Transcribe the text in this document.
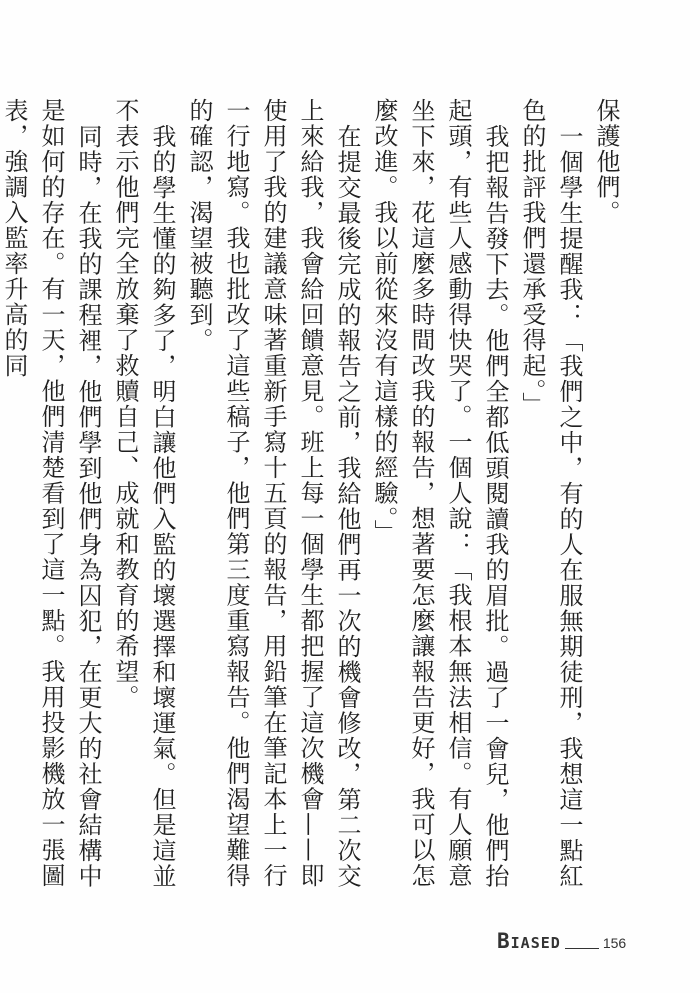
保護他們。

一個學生提醒我：「我們之中，有的人在服無期徒刑，我想這一點紅色的批評我們還承受得起。」

我把報告發下去。他們全都低頭閱讀我的眉批。過了一會兒，他們抬起頭，有些人感動得快哭了。一個人說：「我根本無法相信。有人願意坐下來，花這麼多時間改我的報告，想著要怎麼讓報告更好，我可以怎麼改進。我以前從來沒有這樣的經驗。」

在提交最後完成的報告之前，我給他們再一次的機會修改，第二次交上來給我，我會給回饋意見。班上每一個學生都把握了這次機會——即使用了我的建議意味著重新手寫十五頁的報告，用鉛筆在筆記本上一行一行地寫。我也批改了這些稿子，他們第三度重寫報告。他們渴望難得的確認，渴望被聽到。

我的學生懂的夠多了，明白讓他們入監的壞選擇和壞運氣。但是這並不表示他們完全放棄了救贖自己、成就和教育的希望。

同時，在我的課程裡，他們學到他們身為囚犯，在更大的社會結構中是如何的存在。有一天，他們清楚看到了這一點。我用投影機放一張圖表，強調入監率升高的同

BIASED	156
